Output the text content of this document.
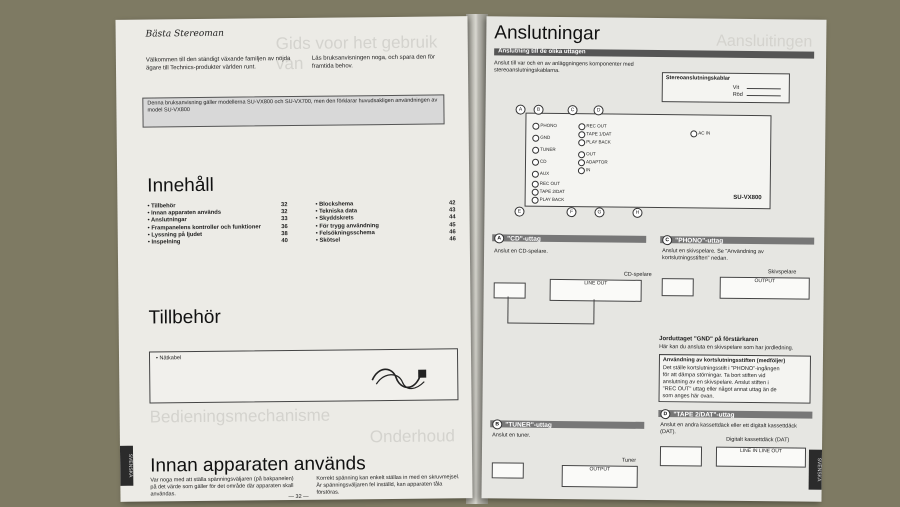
Gids voor het gebruik van
Bästa Stereoman
Välkommen till den ständigt växande familjen av nöjda ägare till Technics-produkter världen runt.
Läs bruksanvisningen noga, och spara den för framtida behov.
Denna bruksanvisning gäller modellerna SU-VX800 och SU-VX700, men den förklarar huvudsakligen användningen av model SU-VX800
Innehåll
• Tillbehör	32
• Innan apparaten används	32
• Anslutningar	33
• Frampanelens kontroller och funktioner	36
• Lyssning på ljudet	38
• Inspelning	40
• Blockshema	42
• Tekniska data	43
• Skyddskrets	44
• För trygg användning	45
• Felsökningsschema	46
• Skötsel	46
Tillbehör
• Nätkabel
Bedieningsmechanisme
Onderhoud
Innan apparaten används
Var noga med att ställa spänningsväljaren (på bakpanelen) på det värde som gäller för det område där apparaten skall användas.
Korrekt spänning kan enkelt ställas in med en skruvmejsel. Är spänningsväljaren fel inställd, kan apparaten tåla förstöras.
— 32 —
SVENSKA
Aansluitingen
Anslutningar
Anslutning till de olika uttagen
Anslut till var och en av anläggningens komponenter med stereoanslutningskablarna.
Stereoanslutningskablar
Vit
Röd
PHONO
GND
TUNER
CD
AUX
REC OUT
TAPE 2/DAT
PLAY BACK
REC OUT
TAPE 1/DAT
PLAY BACK
OUT
ADAPTOR
IN
AC IN
SU-VX800
A	B	C	D
E	F	G	H
A "CD"-uttag
Anslut en CD-spelare.
LINE OUT
CD-spelare
C "PHONO"-uttag
Anslut en skivspelare. Se "Användning av kortslutningsstiften" nedan.
Skivspelare
OUTPUT
Jorduttaget "GND" på förstärkaren
Här kan du ansluta en skivspelare som har jordledning.
Användning av kortslutningsstiften (medföljer)
Det ställe kortslutningsstift i "PHONO"-ingången för att dämpa störningar. Ta bort stiften vid anslutning av en skivspelare. Anslut stiften i "REC OUT" uttag eller något annat uttag än de som anges här ovan.
B "TUNER"-uttag
Anslut en tuner.
Tuner
OUTPUT
D "TAPE 2/DAT"-uttag
Anslut en andra kassettdäck eller ett digitalt kassettdäck (DAT).
Digitalt kassettdäck (DAT)
LINE IN LINE OUT
SVENSKA
